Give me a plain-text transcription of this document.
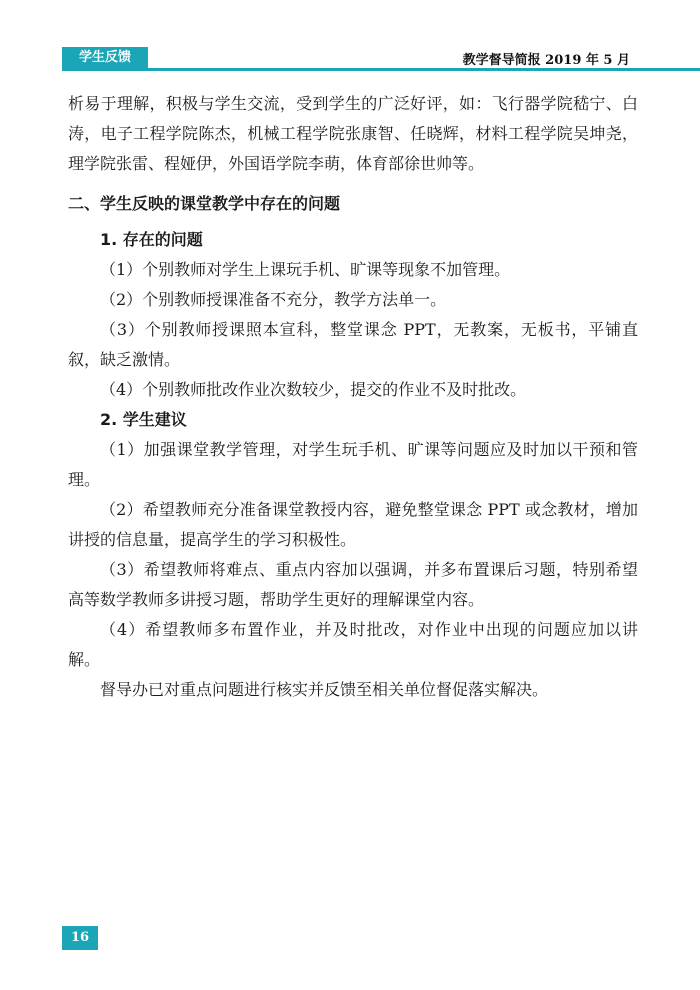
学生反馈	教学督导简报 2019 年 5 月

析易于理解，积极与学生交流，受到学生的广泛好评，如：飞行器学院嵇宁、白涛，电子工程学院陈杰，机械工程学院张康智、任晓辉，材料工程学院吴坤尧，理学院张雷、程娅伊，外国语学院李萌，体育部徐世帅等。

二、学生反映的课堂教学中存在的问题

1. 存在的问题

（1）个别教师对学生上课玩手机、旷课等现象不加管理。

（2）个别教师授课准备不充分，教学方法单一。

（3）个别教师授课照本宣科，整堂课念 PPT，无教案，无板书，平铺直叙，缺乏激情。

（4）个别教师批改作业次数较少，提交的作业不及时批改。

2. 学生建议

（1）加强课堂教学管理，对学生玩手机、旷课等问题应及时加以干预和管理。

（2）希望教师充分准备课堂教授内容，避免整堂课念 PPT 或念教材，增加讲授的信息量，提高学生的学习积极性。

（3）希望教师将难点、重点内容加以强调，并多布置课后习题，特别希望高等数学教师多讲授习题，帮助学生更好的理解课堂内容。

（4）希望教师多布置作业，并及时批改，对作业中出现的问题应加以讲解。

督导办已对重点问题进行核实并反馈至相关单位督促落实解决。

16
